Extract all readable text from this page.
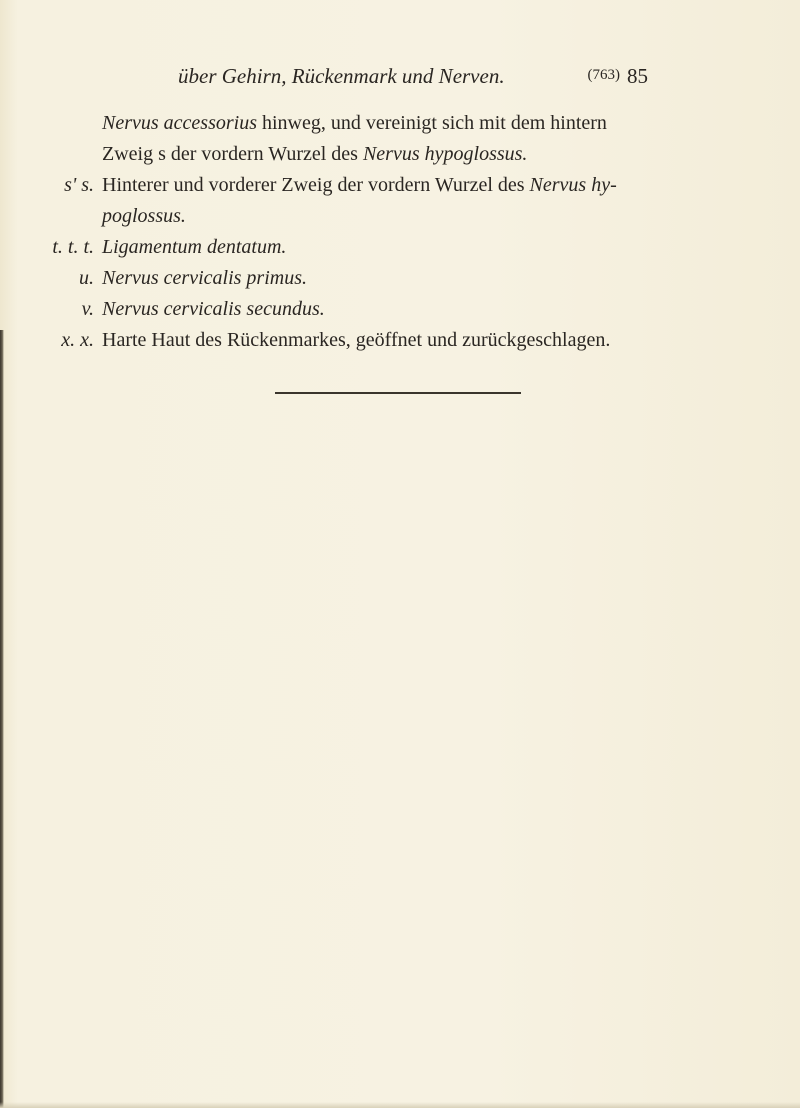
über Gehirn, Rückenmark und Nerven.	(763) 85
Nervus accessorius hinweg, und vereinigt sich mit dem hintern
Zweig s der vordern Wurzel des Nervus hypoglossus.
s' s. Hinterer und vorderer Zweig der vordern Wurzel des Nervus hy-
poglossus.
t. t. t. Ligamentum dentatum.
u. Nervus cervicalis primus.
v. Nervus cervicalis secundus.
x. x. Harte Haut des Rückenmarkes, geöffnet und zurückgeschlagen.
